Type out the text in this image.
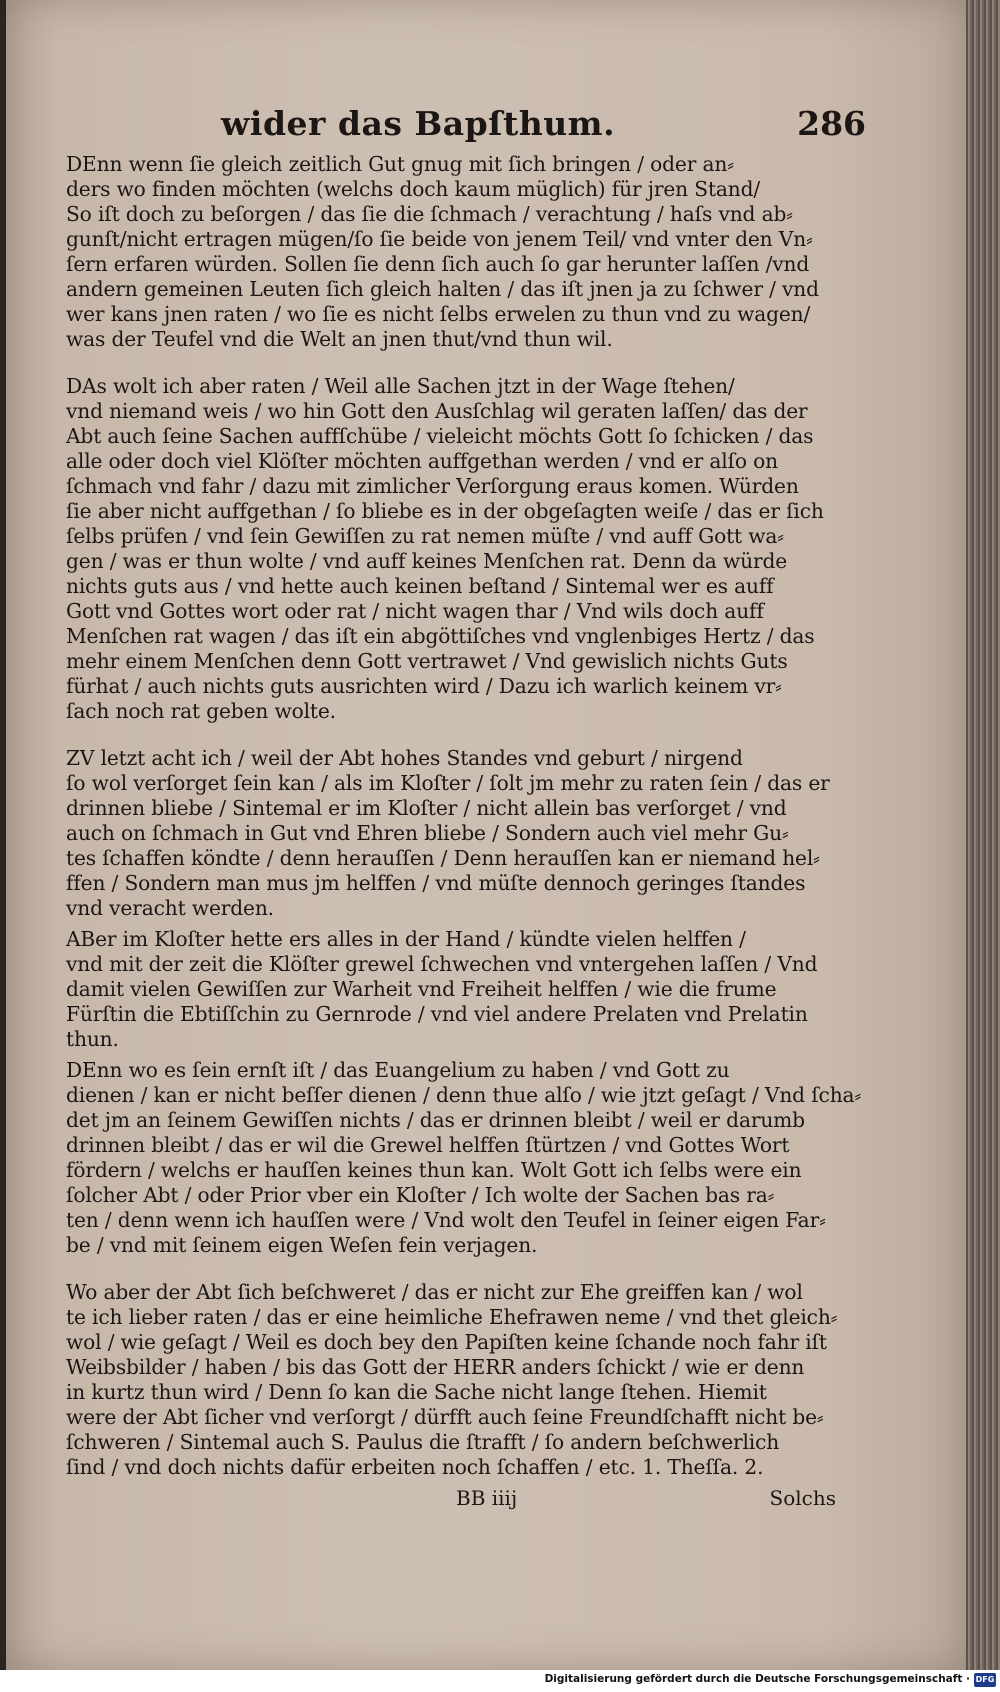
wider das Bapſthum.	286
DEnn wenn ſie gleich zeitlich Gut gnug mit ſich bringen / oder an⸗
ders wo finden möchten (welchs doch kaum müglich) für jren Stand/
So iſt doch zu beſorgen / das ſie die ſchmach / verachtung / haſs vnd ab⸗
gunſt/nicht ertragen mügen/ſo ſie beide von jenem Teil/ vnd vnter den Vn⸗
ſern erfaren würden. Sollen ſie denn ſich auch ſo gar herunter laſſen /vnd
andern gemeinen Leuten ſich gleich halten / das iſt jnen ja zu ſchwer / vnd
wer kans jnen raten / wo ſie es nicht ſelbs erwelen zu thun vnd zu wagen/
was der Teufel vnd die Welt an jnen thut/vnd thun wil.
DAs wolt ich aber raten / Weil alle Sachen jtzt in der Wage ſtehen/
vnd niemand weis / wo hin Gott den Ausſchlag wil geraten laſſen/ das der
Abt auch ſeine Sachen auffſchübe / vieleicht möchts Gott ſo ſchicken / das
alle oder doch viel Klöſter möchten auffgethan werden / vnd er alſo on
ſchmach vnd fahr / dazu mit zimlicher Verſorgung eraus komen. Würden
ſie aber nicht auffgethan / ſo bliebe es in der obgeſagten weiſe / das er ſich
ſelbs prüfen / vnd ſein Gewiſſen zu rat nemen müſte / vnd auff Gott wa⸗
gen / was er thun wolte / vnd auff keines Menſchen rat. Denn da würde
nichts guts aus / vnd hette auch keinen beſtand / Sintemal wer es auff
Gott vnd Gottes wort oder rat / nicht wagen thar / Vnd wils doch auff
Menſchen rat wagen / das iſt ein abgöttiſches vnd vnglenbiges Hertz / das
mehr einem Menſchen denn Gott vertrawet / Vnd gewislich nichts Guts
fürhat / auch nichts guts ausrichten wird / Dazu ich warlich keinem vr⸗
ſach noch rat geben wolte.
ZV letzt acht ich / weil der Abt hohes Standes vnd geburt / nirgend
ſo wol verſorget ſein kan / als im Kloſter / ſolt jm mehr zu raten ſein / das er
drinnen bliebe / Sintemal er im Kloſter / nicht allein bas verſorget / vnd
auch on ſchmach in Gut vnd Ehren bliebe / Sondern auch viel mehr Gu⸗
tes ſchaffen köndte / denn herauſſen / Denn herauſſen kan er niemand hel⸗
ffen / Sondern man mus jm helffen / vnd müſte dennoch geringes ſtandes
vnd veracht werden.
ABer im Kloſter hette ers alles in der Hand / kündte vielen helffen /
vnd mit der zeit die Klöſter grewel ſchwechen vnd vntergehen laſſen / Vnd
damit vielen Gewiſſen zur Warheit vnd Freiheit helffen / wie die frume
Fürſtin die Ebtiſſchin zu Gernrode / vnd viel andere Prelaten vnd Prelatin
thun.
DEnn wo es ſein ernſt iſt / das Euangelium zu haben / vnd Gott zu
dienen / kan er nicht beſſer dienen / denn thue alſo / wie jtzt geſagt / Vnd ſcha⸗
det jm an ſeinem Gewiſſen nichts / das er drinnen bleibt / weil er darumb
drinnen bleibt / das er wil die Grewel helffen ſtürtzen / vnd Gottes Wort
fördern / welchs er hauſſen keines thun kan. Wolt Gott ich ſelbs were ein
ſolcher Abt / oder Prior vber ein Kloſter / Ich wolte der Sachen bas ra⸗
ten / denn wenn ich hauſſen were / Vnd wolt den Teufel in ſeiner eigen Far⸗
be / vnd mit ſeinem eigen Weſen fein verjagen.
Wo aber der Abt ſich beſchweret / das er nicht zur Ehe greiffen kan / wol
te ich lieber raten / das er eine heimliche Ehefrawen neme / vnd thet gleich⸗
wol / wie geſagt / Weil es doch bey den Papiſten keine ſchande noch fahr iſt
Weibsbilder / haben / bis das Gott der HERR anders ſchickt / wie er denn
in kurtz thun wird / Denn ſo kan die Sache nicht lange ſtehen. Hiemit
were der Abt ſicher vnd verſorgt / dürfft auch ſeine Freundſchafft nicht be⸗
ſchweren / Sintemal auch S. Paulus die ſtrafft / ſo andern beſchwerlich
ſind / vnd doch nichts dafür erbeiten noch ſchaffen / etc. 1. Theſſa. 2.
BB iiij	Solchs
Digitalisierung gefördert durch die Deutsche Forschungsgemeinschaft · DFG
